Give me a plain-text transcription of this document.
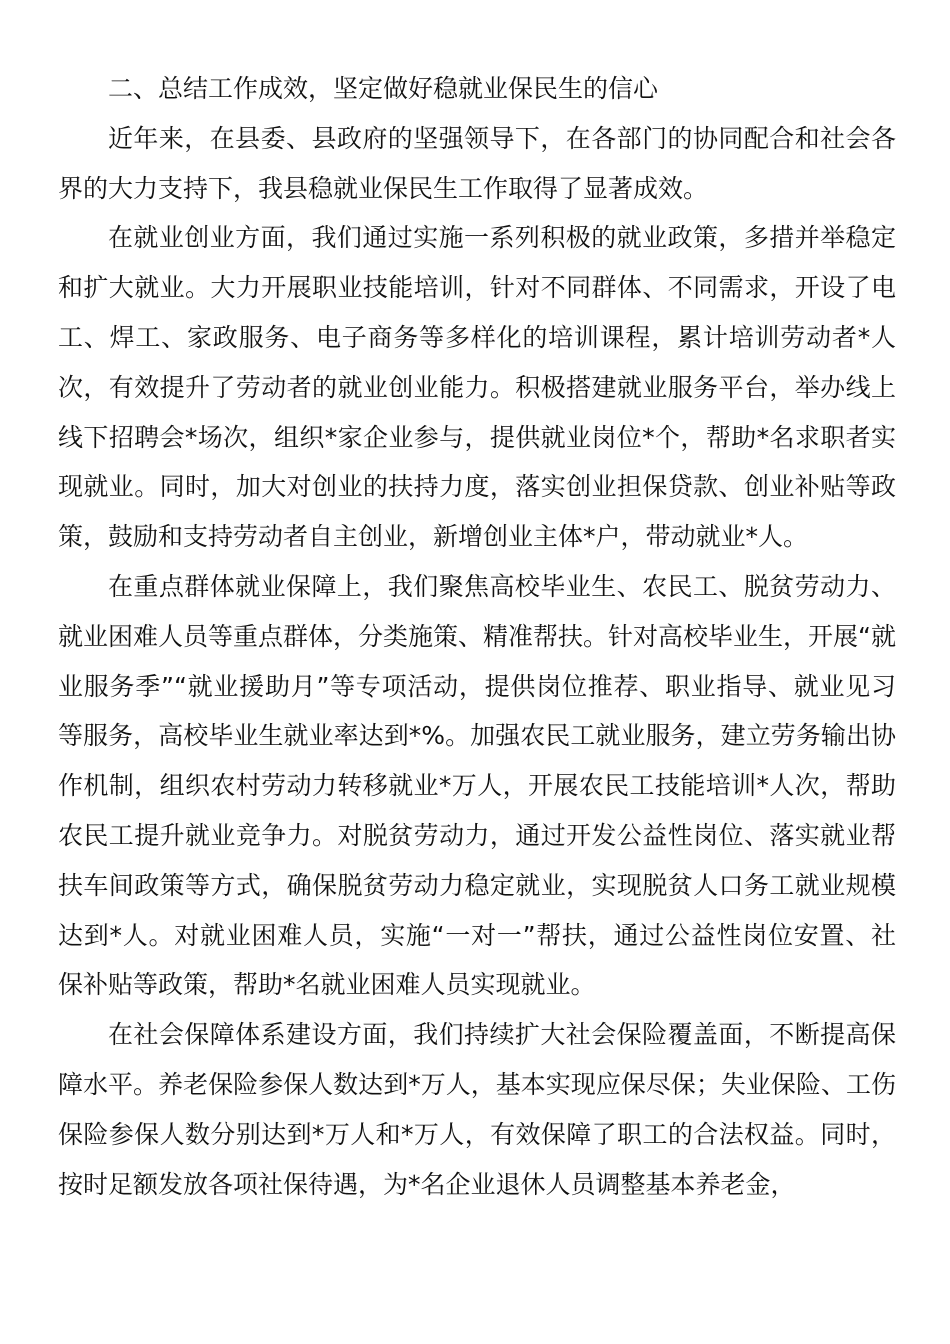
二、总结工作成效，坚定做好稳就业保民生的信心

近年来，在县委、县政府的坚强领导下，在各部门的协同配合和社会各界的大力支持下，我县稳就业保民生工作取得了显著成效。

在就业创业方面，我们通过实施一系列积极的就业政策，多措并举稳定和扩大就业。大力开展职业技能培训，针对不同群体、不同需求，开设了电工、焊工、家政服务、电子商务等多样化的培训课程，累计培训劳动者*人次，有效提升了劳动者的就业创业能力。积极搭建就业服务平台，举办线上线下招聘会*场次，组织*家企业参与，提供就业岗位*个，帮助*名求职者实现就业。同时，加大对创业的扶持力度，落实创业担保贷款、创业补贴等政策，鼓励和支持劳动者自主创业，新增创业主体*户，带动就业*人。

在重点群体就业保障上，我们聚焦高校毕业生、农民工、脱贫劳动力、就业困难人员等重点群体，分类施策、精准帮扶。针对高校毕业生，开展“就业服务季”“就业援助月”等专项活动，提供岗位推荐、职业指导、就业见习等服务，高校毕业生就业率达到*%。加强农民工就业服务，建立劳务输出协作机制，组织农村劳动力转移就业*万人，开展农民工技能培训*人次，帮助农民工提升就业竞争力。对脱贫劳动力，通过开发公益性岗位、落实就业帮扶车间政策等方式，确保脱贫劳动力稳定就业，实现脱贫人口务工就业规模达到*人。对就业困难人员，实施“一对一”帮扶，通过公益性岗位安置、社保补贴等政策，帮助*名就业困难人员实现就业。

在社会保障体系建设方面，我们持续扩大社会保险覆盖面，不断提高保障水平。养老保险参保人数达到*万人，基本实现应保尽保；失业保险、工伤保险参保人数分别达到*万人和*万人，有效保障了职工的合法权益。同时，按时足额发放各项社保待遇，为*名企业退休人员调整基本养老金，
